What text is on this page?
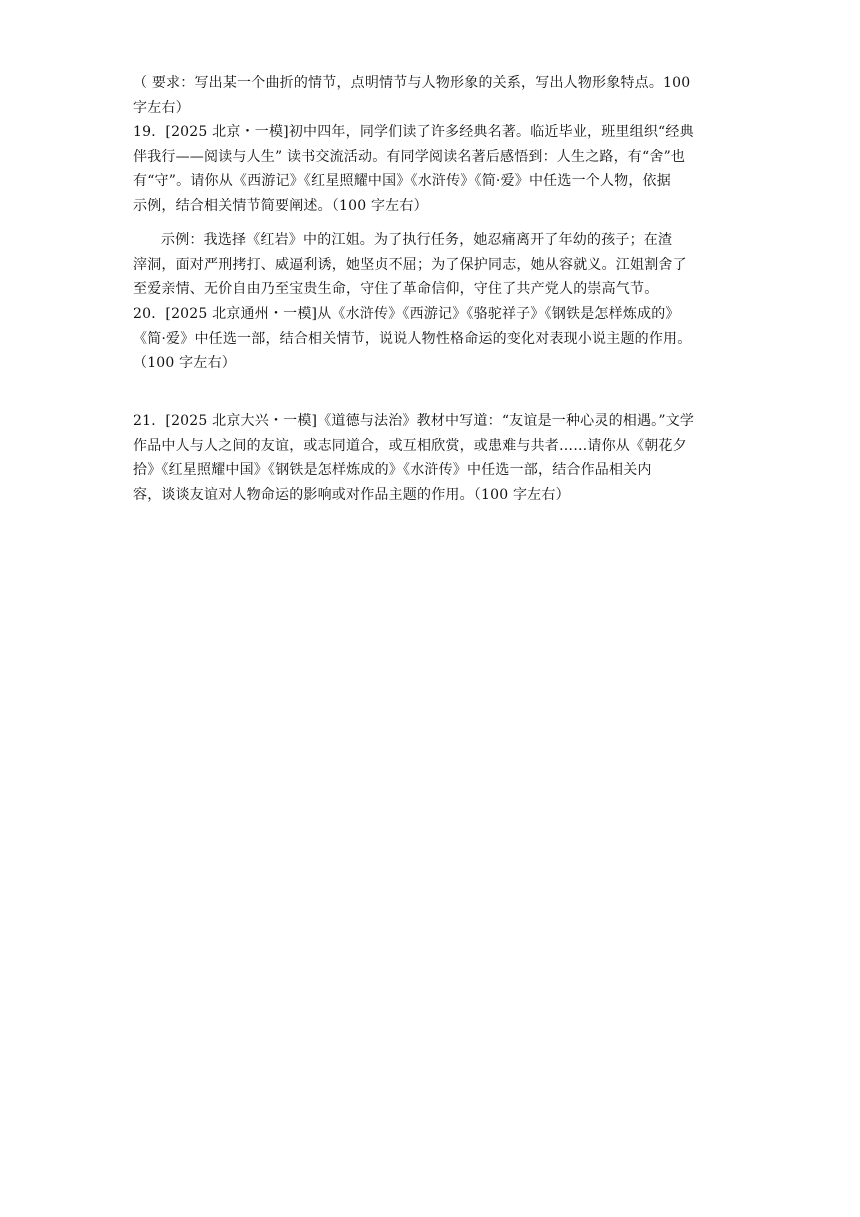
（ 要求：写出某一个曲折的情节，点明情节与人物形象的关系，写出人物形象特点。100
字左右）
19．[2025 北京・一模]初中四年，同学们读了许多经典名著。临近毕业，班里组织“经典
伴我行——阅读与人生” 读书交流活动。有同学阅读名著后感悟到：人生之路，有“舍”也
有“守”。请你从《西游记》《红星照耀中国》《水浒传》《简·爱》中任选一个人物，依据
示例，结合相关情节简要阐述。（100 字左右）
示例：我选择《红岩》中的江姐。为了执行任务，她忍痛离开了年幼的孩子；在渣
滓洞，面对严刑拷打、威逼利诱，她坚贞不屈；为了保护同志，她从容就义。江姐割舍了
至爱亲情、无价自由乃至宝贵生命，守住了革命信仰，守住了共产党人的崇高气节。
20．[2025 北京通州・一模]从《水浒传》《西游记》《骆驼祥子》《钢铁是怎样炼成的》
《简·爱》中任选一部，结合相关情节，说说人物性格命运的变化对表现小说主题的作用。
（100 字左右）
21．[2025 北京大兴・一模]《道德与法治》教材中写道：“友谊是一种心灵的相遇。”文学
作品中人与人之间的友谊，或志同道合，或互相欣赏，或患难与共者……请你从《朝花夕
拾》《红星照耀中国》《钢铁是怎样炼成的》《水浒传》中任选一部，结合作品相关内
容，谈谈友谊对人物命运的影响或对作品主题的作用。（100 字左右）
